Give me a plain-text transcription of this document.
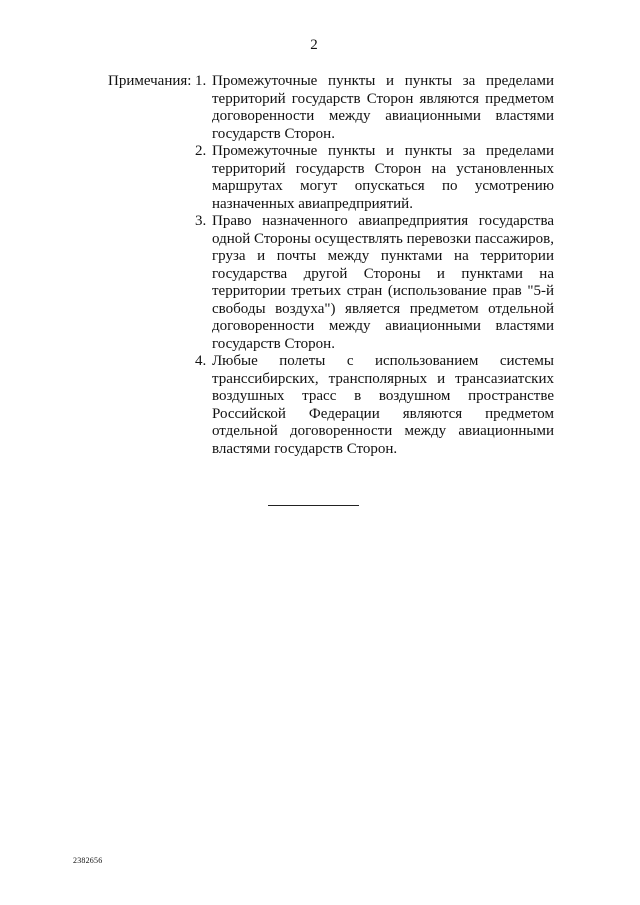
2
Примечания: 1. Промежуточные пункты и пункты за пределами территорий государств Сторон являются предметом договоренности между авиационными властями государств Сторон.
2. Промежуточные пункты и пункты за пределами территорий государств Сторон на установленных маршрутах могут опускаться по усмотрению назначенных авиапредприятий.
3. Право назначенного авиапредприятия государства одной Стороны осуществлять перевозки пассажиров, груза и почты между пунктами на территории государства другой Стороны и пунктами на территории третьих стран (использование прав "5-й свободы воздуха") является предметом отдельной договоренности между авиационными властями государств Сторон.
4. Любые полеты с использованием системы транссибирских, трансполярных и трансазиатских воздушных трасс в воздушном пространстве Российской Федерации являются предметом отдельной договоренности между авиационными властями государств Сторон.
2382656
